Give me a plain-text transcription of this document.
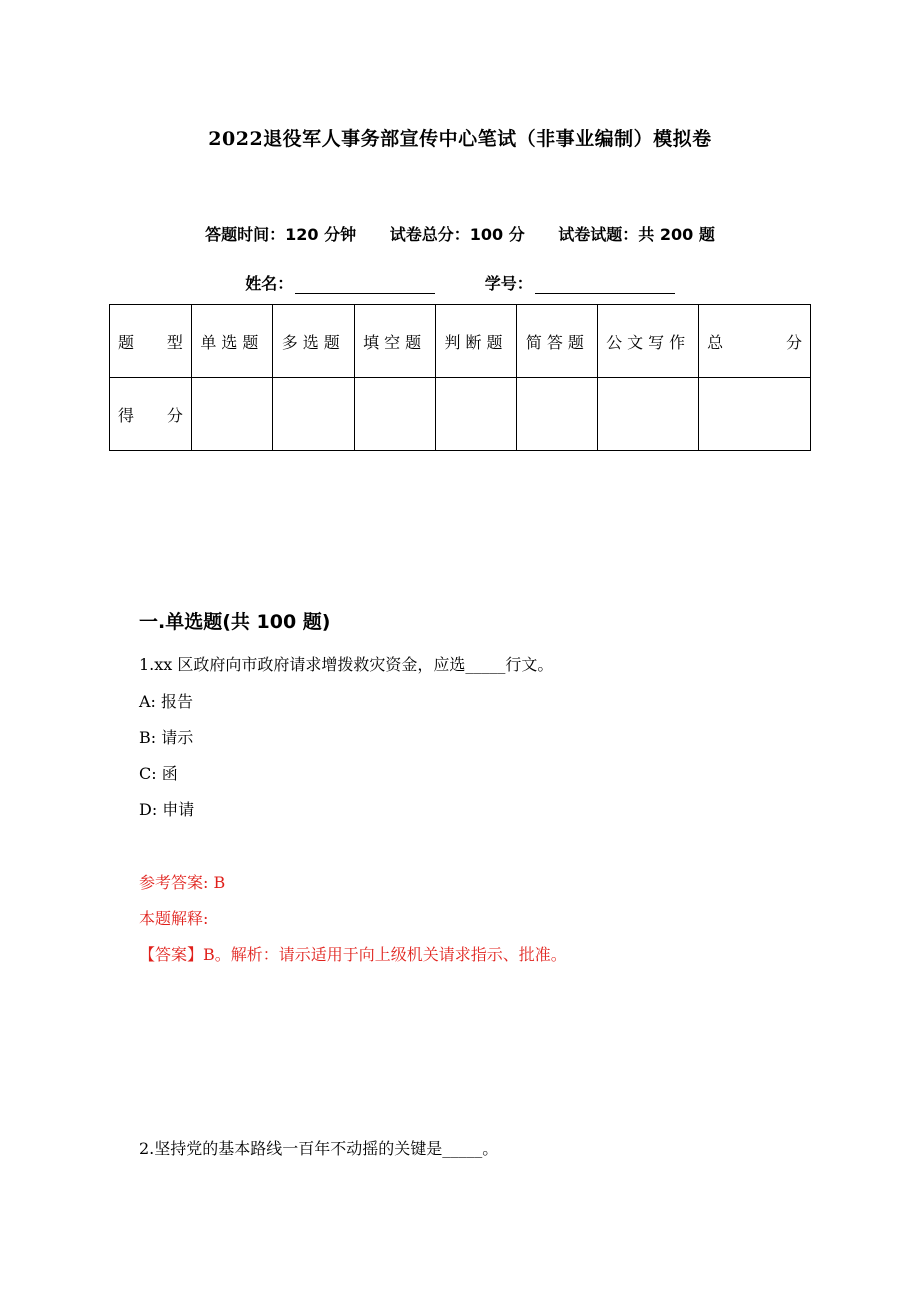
2022退役军人事务部宣传中心笔试（非事业编制）模拟卷
答题时间：120 分钟 试卷总分：100 分 试卷试题：共 200 题
姓名：	学号：
题　型	单选题	多选题	填空题	判断题	简答题	公文写作	总　分
得　分							
一.单选题(共 100 题)
1.xx 区政府向市政府请求增拨救灾资金，应选_____行文。
A: 报告
B: 请示
C: 函
D: 申请
参考答案: B
本题解释:
【答案】B。解析：请示适用于向上级机关请求指示、批准。
2.坚持党的基本路线一百年不动摇的关键是_____。
